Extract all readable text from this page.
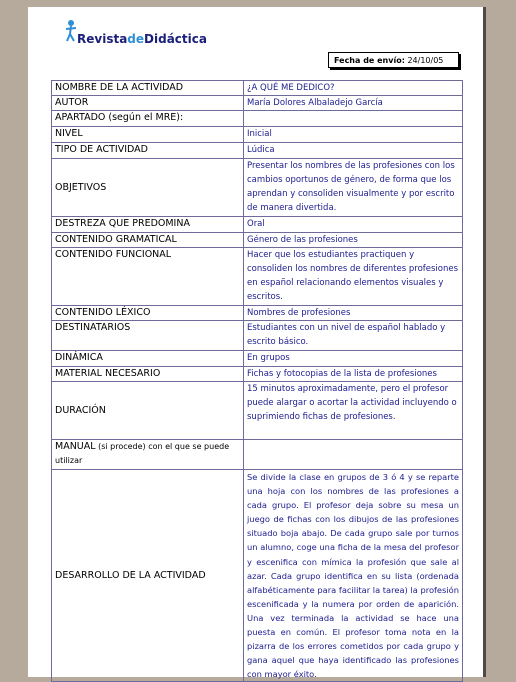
RevistadeDidáctica
Fecha de envío: 24/10/05
NOMBRE DE LA ACTIVIDAD	¿A QUÉ ME DEDICO?
AUTOR	María Dolores Albaladejo García
APARTADO (según el MRE):	
NIVEL	Inicial
TIPO DE ACTIVIDAD	Lúdica
OBJETIVOS	Presentar los nombres de las profesiones con los cambios oportunos de género, de forma que los aprendan y consoliden visualmente y por escrito de manera divertida.
DESTREZA QUE PREDOMINA	Oral
CONTENIDO GRAMATICAL	Género de las profesiones
CONTENIDO FUNCIONAL	Hacer que los estudiantes practiquen y consoliden los nombres de diferentes profesiones en español relacionando elementos visuales y escritos.
CONTENIDO LÉXICO	Nombres de profesiones
DESTINATARIOS	Estudiantes con un nivel de español hablado y escrito básico.
DINÁMICA	En grupos
MATERIAL NECESARIO	Fichas y fotocopias de la lista de profesiones
DURACIÓN	15 minutos aproximadamente, pero el profesor puede alargar o acortar la actividad incluyendo o suprimiendo fichas de profesiones.
MANUAL (si procede) con el que se puede utilizar	
DESARROLLO DE LA ACTIVIDAD	Se divide la clase en grupos de 3 ó 4 y se reparte una hoja con los nombres de las profesiones a cada grupo. El profesor deja sobre su mesa un juego de fichas con los dibujos de las profesiones situado boja abajo. De cada grupo sale por turnos un alumno, coge una ficha de la mesa del profesor y escenifica con mímica la profesión que sale al azar. Cada grupo identifica en su lista (ordenada alfabéticamente para facilitar la tarea) la profesión escenificada y la numera por orden de aparición. Una vez terminada la actividad se hace una puesta en común. El profesor toma nota en la pizarra de los errores cometidos por cada grupo y gana aquel que haya identificado las profesiones con mayor éxito.
